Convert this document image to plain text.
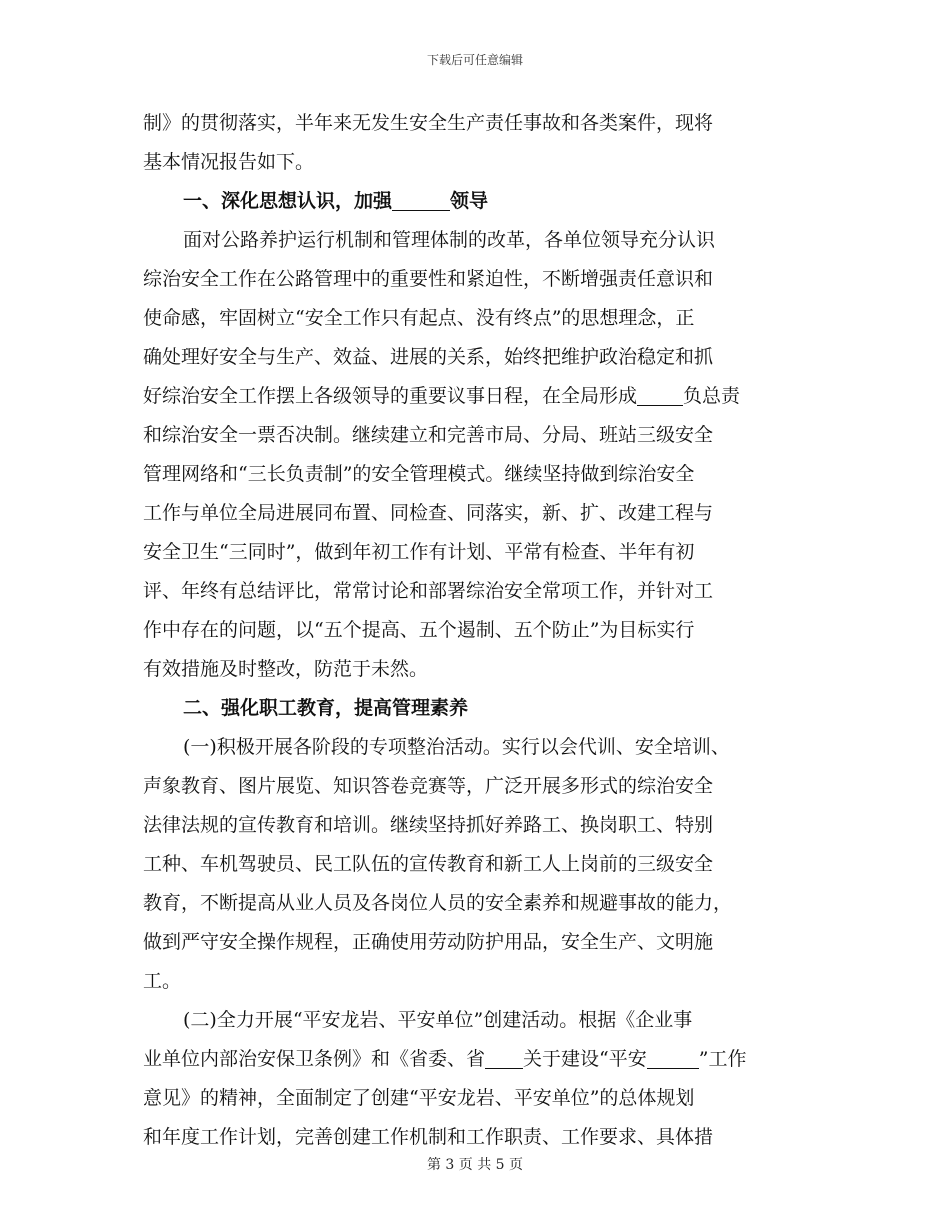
下载后可任意编辑
制》的贯彻落实，半年来无发生安全生产责任事故和各类案件，现将
基本情况报告如下。
一、深化思想认识，加强	领导
面对公路养护运行机制和管理体制的改革，各单位领导充分认识
综治安全工作在公路管理中的重要性和紧迫性，不断增强责任意识和
使命感，牢固树立“安全工作只有起点、没有终点”的思想理念，正
确处理好安全与生产、效益、进展的关系，始终把维护政治稳定和抓
好综治安全工作摆上各级领导的重要议事日程，在全局形成 负总责
和综治安全一票否决制。继续建立和完善市局、分局、班站三级安全
管理网络和“三长负责制”的安全管理模式。继续坚持做到综治安全
工作与单位全局进展同布置、同检查、同落实，新、扩、改建工程与
安全卫生“三同时”，做到年初工作有计划、平常有检查、半年有初
评、年终有总结评比，常常讨论和部署综治安全常项工作，并针对工
作中存在的问题，以“五个提高、五个遏制、五个防止”为目标实行
有效措施及时整改，防范于未然。
二、强化职工教育，提高管理素养
(一)积极开展各阶段的专项整治活动。实行以会代训、安全培训、
声象教育、图片展览、知识答卷竞赛等，广泛开展多形式的综治安全
法律法规的宣传教育和培训。继续坚持抓好养路工、换岗职工、特别
工种、车机驾驶员、民工队伍的宣传教育和新工人上岗前的三级安全
教育，不断提高从业人员及各岗位人员的安全素养和规避事故的能力，
做到严守安全操作规程，正确使用劳动防护用品，安全生产、文明施
工。
(二)全力开展“平安龙岩、平安单位”创建活动。根据《企业事
业单位内部治安保卫条例》和《省委、省 关于建设“平安	”工作
意见》的精神，全面制定了创建“平安龙岩、平安单位”的总体规划
和年度工作计划，完善创建工作机制和工作职责、工作要求、具体措
第 3 页 共 5 页
